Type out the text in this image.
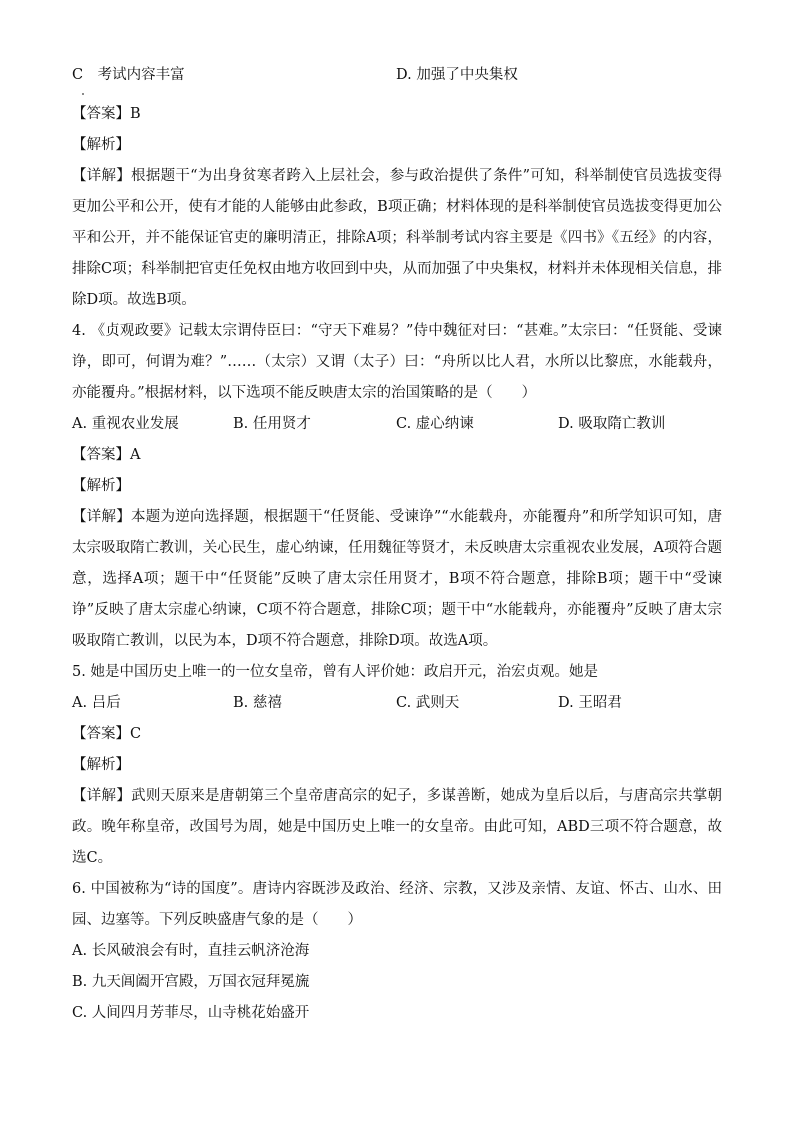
C　考试内容丰富	D. 加强了中央集权
【答案】B
【解析】
【详解】根据题干“为出身贫寒者跨入上层社会，参与政治提供了条件”可知，科举制使官员选拔变得更加公平和公开，使有才能的人能够由此参政，B项正确；材料体现的是科举制使官员选拔变得更加公平和公开，并不能保证官吏的廉明清正，排除A项；科举制考试内容主要是《四书》《五经》的内容，排除C项；科举制把官吏任免权由地方收回到中央，从而加强了中央集权，材料并未体现相关信息，排除D项。故选B项。
4. 《贞观政要》记载太宗谓侍臣曰：“守天下难易？”侍中魏征对曰：“甚难。”太宗曰：“任贤能、受谏诤，即可，何谓为难？”……（太宗）又谓（太子）曰：“舟所以比人君，水所以比黎庶，水能载舟，亦能覆舟。”根据材料，以下选项不能反映唐太宗的治国策略的是（　　）
A. 重视农业发展	B. 任用贤才	C. 虚心纳谏	D. 吸取隋亡教训
【答案】A
【解析】
【详解】本题为逆向选择题，根据题干“任贤能、受谏诤”“水能载舟，亦能覆舟”和所学知识可知，唐太宗吸取隋亡教训，关心民生，虚心纳谏，任用魏征等贤才，未反映唐太宗重视农业发展，A项符合题意，选择A项；题干中“任贤能”反映了唐太宗任用贤才，B项不符合题意，排除B项；题干中“受谏诤”反映了唐太宗虚心纳谏，C项不符合题意，排除C项；题干中“水能载舟，亦能覆舟”反映了唐太宗吸取隋亡教训，以民为本，D项不符合题意，排除D项。故选A项。
5. 她是中国历史上唯一的一位女皇帝，曾有人评价她：政启开元，治宏贞观。她是
A. 吕后	B. 慈禧	C. 武则天	D. 王昭君
【答案】C
【解析】
【详解】武则天原来是唐朝第三个皇帝唐高宗的妃子，多谋善断，她成为皇后以后，与唐高宗共掌朝政。晚年称皇帝，改国号为周，她是中国历史上唯一的女皇帝。由此可知，ABD三项不符合题意，故选C。
6. 中国被称为“诗的国度”。唐诗内容既涉及政治、经济、宗教，又涉及亲情、友谊、怀古、山水、田园、边塞等。下列反映盛唐气象的是（　　）
A. 长风破浪会有时，直挂云帆济沧海
B. 九天阊阖开宫殿，万国衣冠拜冕旒
C. 人间四月芳菲尽，山寺桃花始盛开
